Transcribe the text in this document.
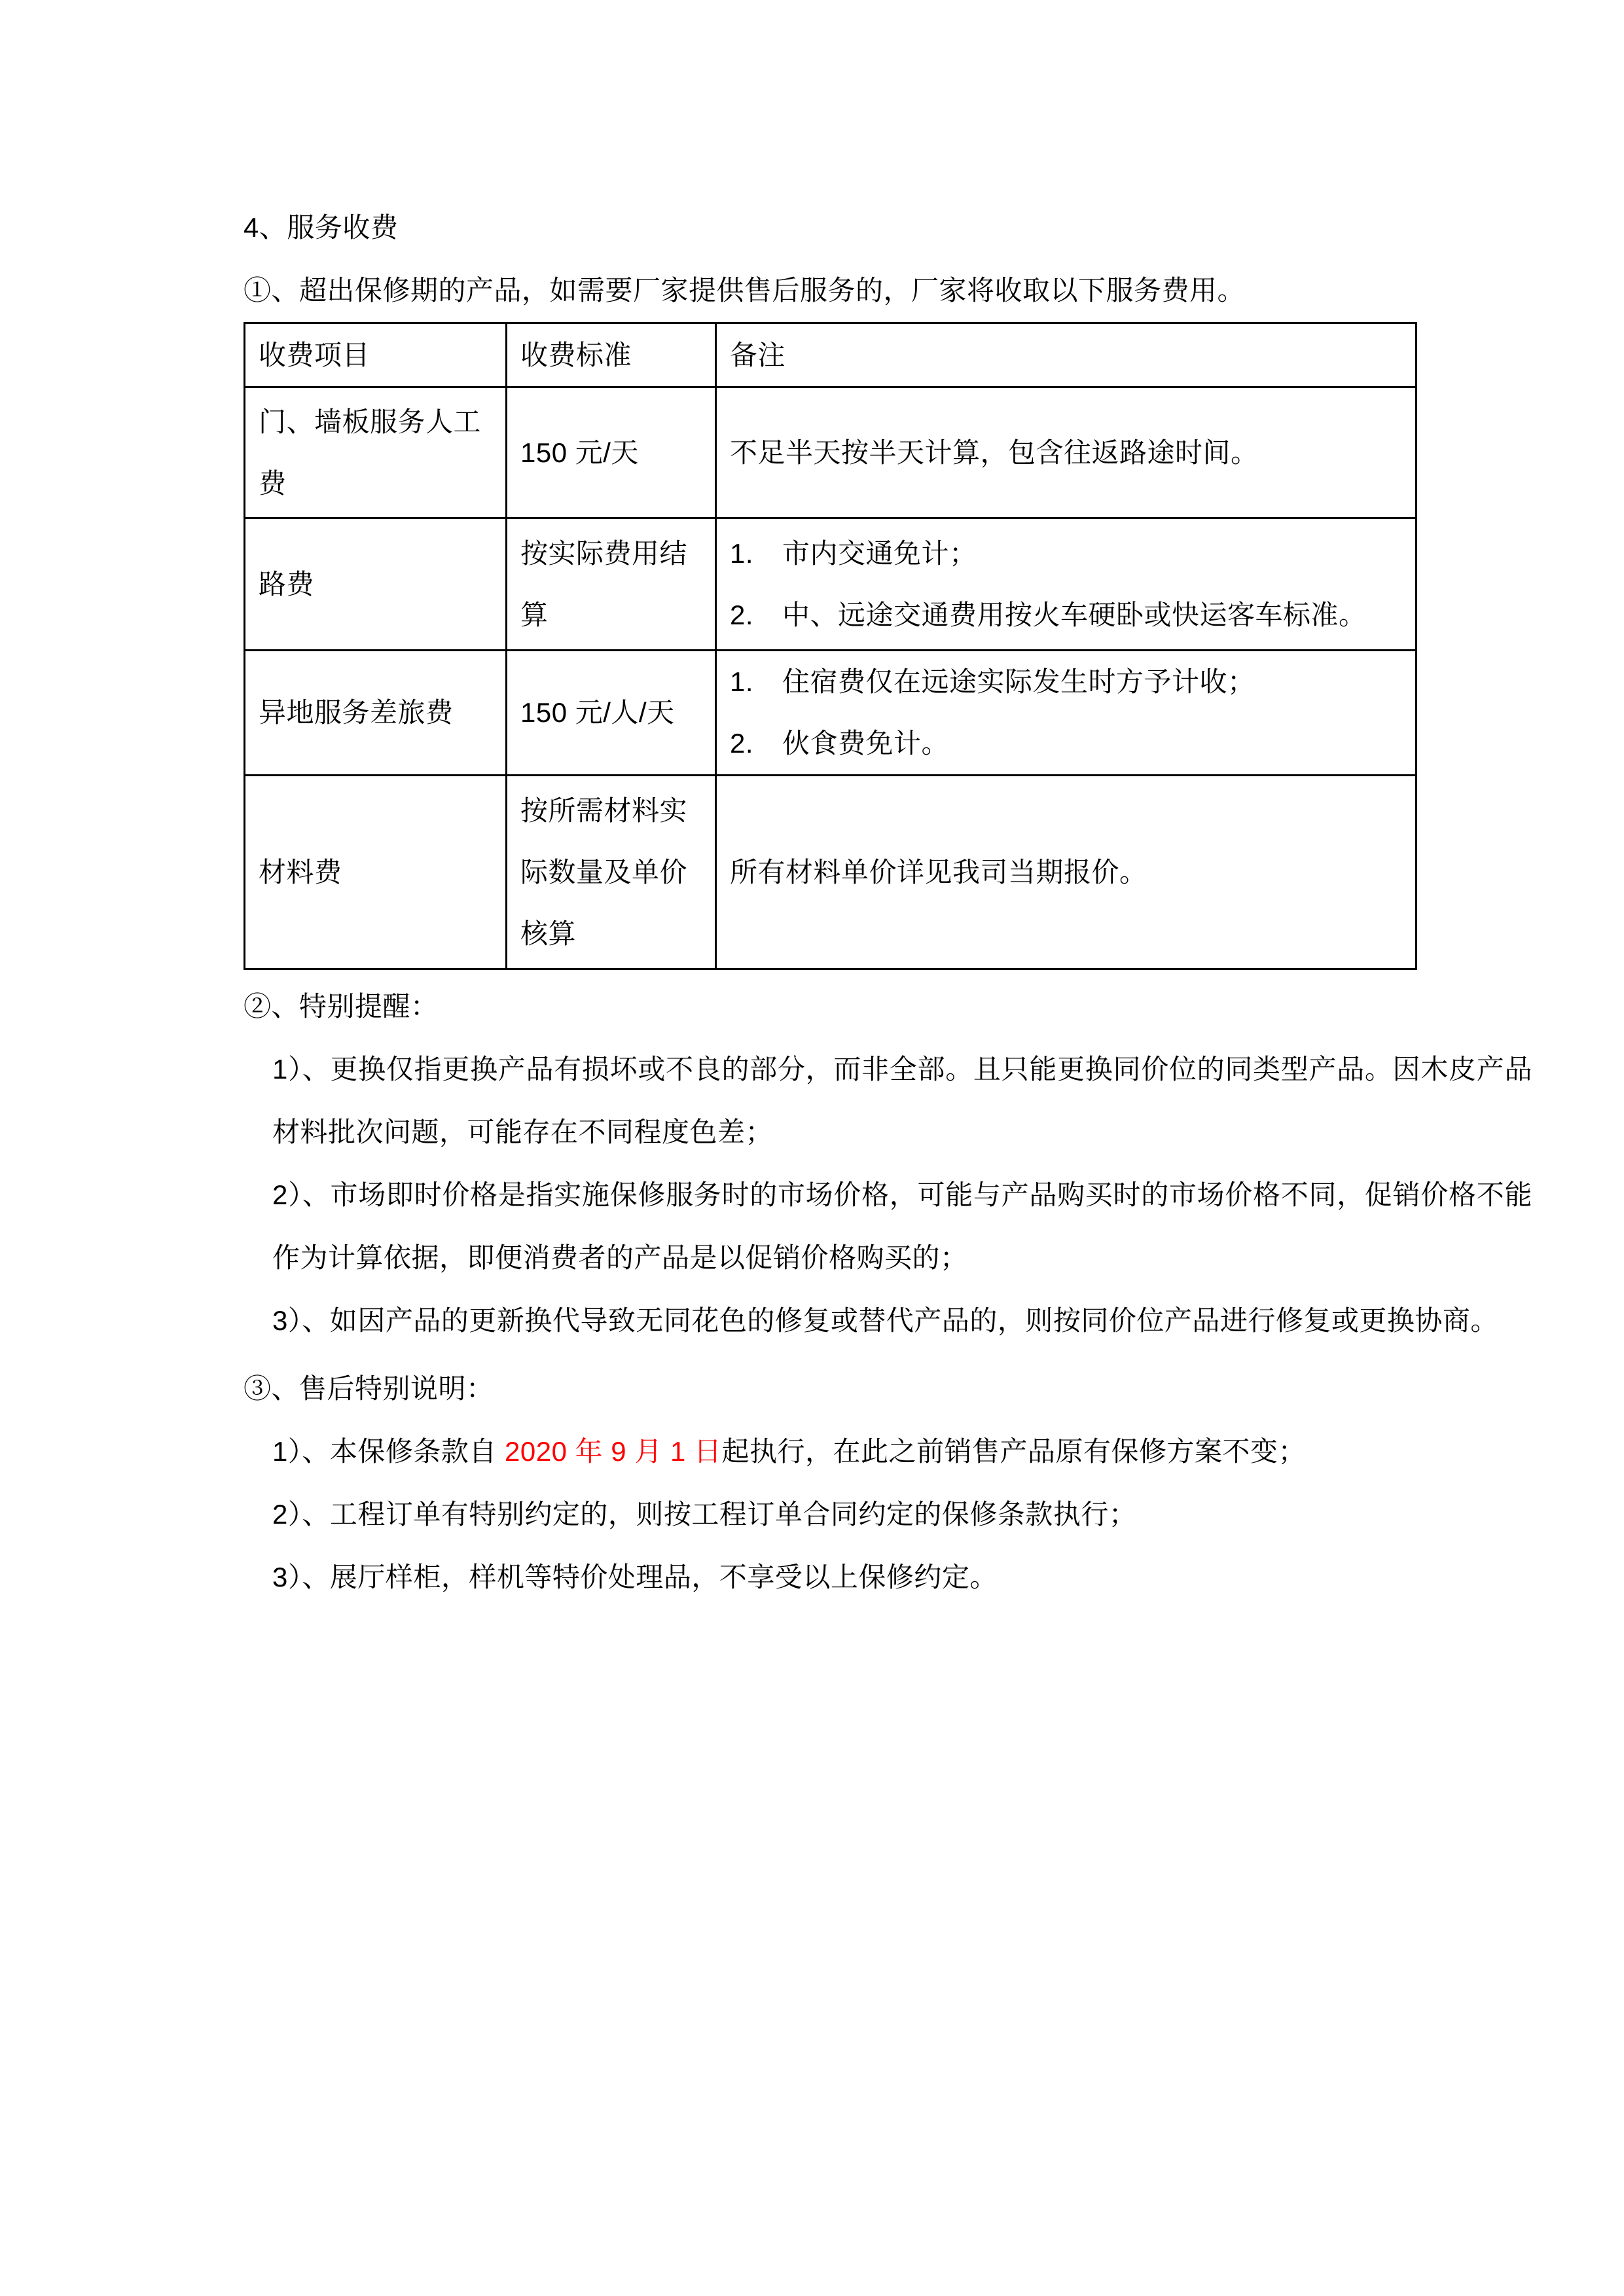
4、服务收费

①、超出保修期的产品，如需要厂家提供售后服务的，厂家将收取以下服务费用。

收费项目	收费标准	备注
门、墙板服务人工费	150 元/天	不足半天按半天计算，包含往返路途时间。
路费	按实际费用结算	1. 市内交通免计；
2. 中、远途交通费用按火车硬卧或快运客车标准。

异地服务差旅费	150 元/人/天	1. 住宿费仅在远途实际发生时方予计收；
2. 伙食费免计。

材料费	按所需材料实际数量及单价核算	所有材料单价详见我司当期报价。

②、特别提醒：

1）、更换仅指更换产品有损坏或不良的部分，而非全部。且只能更换同价位的同类型产品。因木皮产品材料批次问题，可能存在不同程度色差；

2）、市场即时价格是指实施保修服务时的市场价格，可能与产品购买时的市场价格不同，促销价格不能作为计算依据，即便消费者的产品是以促销价格购买的；

3）、如因产品的更新换代导致无同花色的修复或替代产品的，则按同价位产品进行修复或更换协商。

③、售后特别说明：

1）、本保修条款自 2020 年 9 月 1 日起执行，在此之前销售产品原有保修方案不变；

2）、工程订单有特别约定的，则按工程订单合同约定的保修条款执行；

3）、展厅样柜，样机等特价处理品，不享受以上保修约定。
